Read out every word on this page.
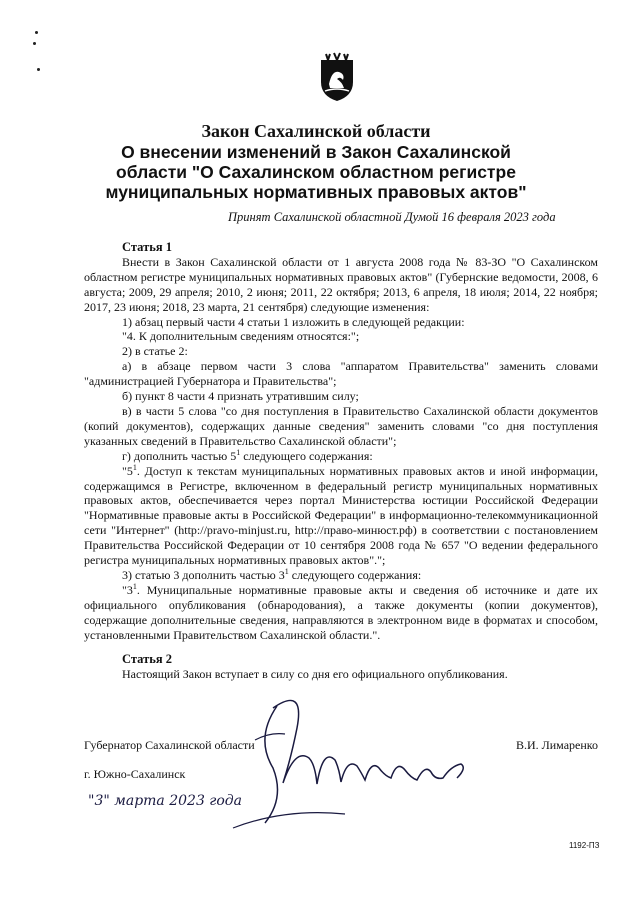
Закон Сахалинской области
О внесении изменений в Закон Сахалинской
области "О Сахалинском областном регистре
муниципальных нормативных правовых актов"
Принят Сахалинской областной Думой 16 февраля 2023 года

Статья 1

Внести в Закон Сахалинской области от 1 августа 2008 года № 83-ЗО "О Сахалинском областном регистре муниципальных нормативных правовых актов" (Губернские ведомости, 2008, 6 августа; 2009, 29 апреля; 2010, 2 июня; 2011, 22 октября; 2013, 6 апреля, 18 июля; 2014, 22 ноября; 2017, 23 июня; 2018, 23 марта, 21 сентября) следующие изменения:

1) абзац первый части 4 статьи 1 изложить в следующей редакции:

"4. К дополнительным сведениям относятся:";

2) в статье 2:

а) в абзаце первом части 3 слова "аппаратом Правительства" заменить словами "администрацией Губернатора и Правительства";

б) пункт 8 части 4 признать утратившим силу;

в) в части 5 слова "со дня поступления в Правительство Сахалинской области документов (копий документов), содержащих данные сведения" заменить словами "со дня поступления указанных сведений в Правительство Сахалинской области";

г) дополнить частью $5^1$ следующего содержания:

"$5^1$. Доступ к текстам муниципальных нормативных правовых актов и иной информации, содержащимся в Регистре, включенном в федеральный регистр муниципальных нормативных правовых актов, обеспечивается через портал Министерства юстиции Российской Федерации "Нормативные правовые акты в Российской Федерации" в информационно-телекоммуникационной сети "Интернет" (http://pravo-minjust.ru, http://право-минюст.рф) в соответствии с постановлением Правительства Российской Федерации от 10 сентября 2008 года № 657 "О ведении федерального регистра муниципальных нормативных правовых актов".";

3) статью 3 дополнить частью $3^1$ следующего содержания:

"$3^1$. Муниципальные нормативные правовые акты и сведения об источнике и дате их официального опубликования (обнародования), а также документы (копии документов), содержащие дополнительные сведения, направляются в электронном виде в форматах и способом, установленными Правительством Сахалинской области.".

Статья 2

Настоящий Закон вступает в силу со дня его официального опубликования.

Губернатор Сахалинской области	В.И. Лимаренко
г. Южно-Сахалинск
"3" марта 2023 года
1192-ПЗ
